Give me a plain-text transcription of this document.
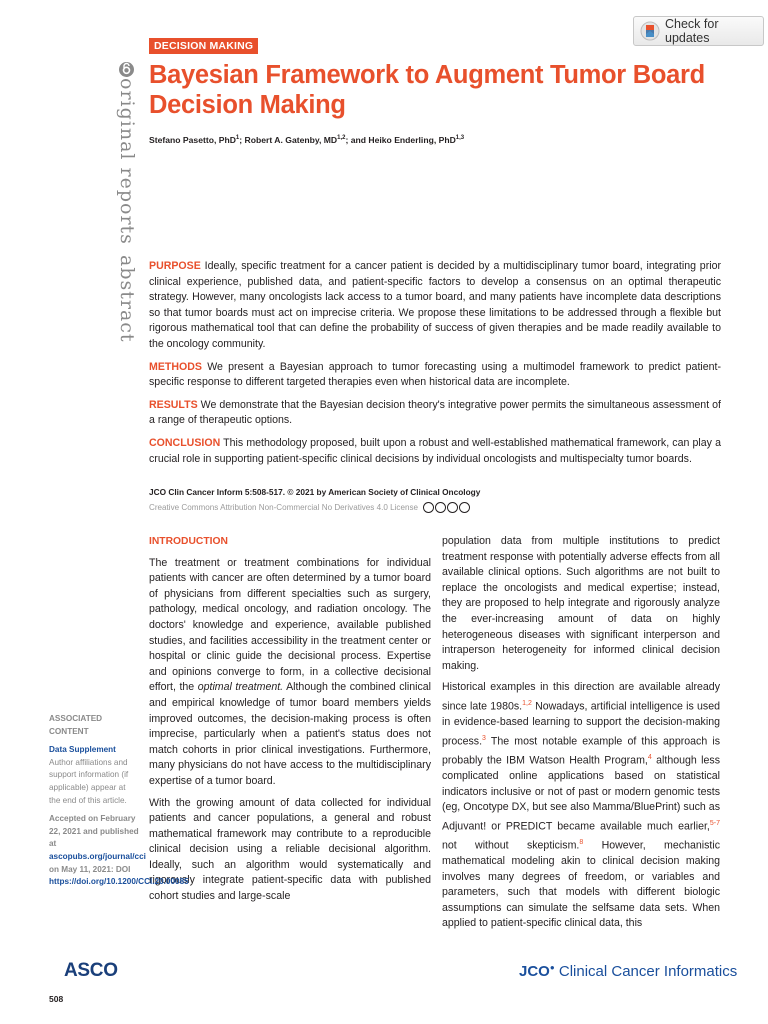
DECISION MAKING
Check for updates
original reports
abstract
Bayesian Framework to Augment Tumor Board
Decision Making
Stefano Pasetto, PhD$^1$; Robert A. Gatenby, MD$^{1,2}$; and Heiko Enderling, PhD$^{1,3}$

PURPOSE Ideally, specific treatment for a cancer patient is decided by a multidisciplinary tumor board, integrating prior clinical experience, published data, and patient-specific factors to develop a consensus on an optimal therapeutic strategy. However, many oncologists lack access to a tumor board, and many patients have incomplete data descriptions so that tumor boards must act on imprecise criteria. We propose these limitations to be addressed through a flexible but rigorous mathematical tool that can define the probability of success of given therapies and be made readily available to the oncology community.

METHODS We present a Bayesian approach to tumor forecasting using a multimodel framework to predict patient-specific response to different targeted therapies even when historical data are incomplete.

RESULTS We demonstrate that the Bayesian decision theory's integrative power permits the simultaneous assessment of a range of therapeutic options.

CONCLUSION This methodology proposed, built upon a robust and well-established mathematical framework, can play a crucial role in supporting patient-specific clinical decisions by individual oncologists and multispecialty tumor boards.

JCO Clin Cancer Inform 5:508-517. © 2021 by American Society of Clinical Oncology
Creative Commons Attribution Non-Commercial No Derivatives 4.0 License
INTRODUCTION

The treatment or treatment combinations for individual patients with cancer are often determined by a tumor board of physicians from different specialties such as surgery, pathology, medical oncology, and radiation oncology. The doctors' knowledge and experience, available published studies, and facilities accessibility in the treatment center or hospital or clinic guide the decisional process. Expertise and opinions converge to form, in a collective decisional effort, the optimal treatment. Although the combined clinical and empirical knowledge of tumor board members yields improved outcomes, the decision-making process is often imprecise, particularly when a patient's status does not match cohorts in prior clinical investigations. Furthermore, many physicians do not have access to the multidisciplinary expertise of a tumor board.

With the growing amount of data collected for individual patients and cancer populations, a general and robust mathematical framework may contribute to a reproducible clinical decision using a reliable decisional algorithm. Ideally, such an algorithm would systematically and rigorously integrate patient-specific data with published cohort studies and large-scale

population data from multiple institutions to predict treatment response with potentially adverse effects from all available clinical options. Such algorithms are not built to replace the oncologists and medical expertise; instead, they are proposed to help integrate and rigorously analyze the ever-increasing amount of data on highly heterogeneous diseases with significant interperson and intraperson heterogeneity for informed clinical decision making.

Historical examples in this direction are available already since late 1980s.$^{1,2}$ Nowadays, artificial intelligence is used in evidence-based learning to support the decision-making process.$^3$ The most notable example of this approach is probably the IBM Watson Health Program,$^4$ although less complicated online applications based on statistical indicators inclusive or not of past or modern genomic tests (eg, Oncotype DX, but see also Mamma/BluePrint) such as Adjuvant! or PREDICT became available much earlier,$^{5-7}$ not without skepticism.$^8$ However, mechanistic mathematical modeling akin to clinical decision making involves many degrees of freedom, or variables and parameters, such that models with different biologic assumptions can simulate the selfsame data sets. When applied to patient-specific clinical data, this

ASSOCIATED
CONTENT
Data Supplement
Author affiliations and support information (if applicable) appear at the end of this article.
Accepted on February 22, 2021 and published at ascopubs.org/journal/cci on May 11, 2021: DOI https://doi.org/10.1200/CCI.20.00085
ASCO
508
JCO● Clinical Cancer Informatics
